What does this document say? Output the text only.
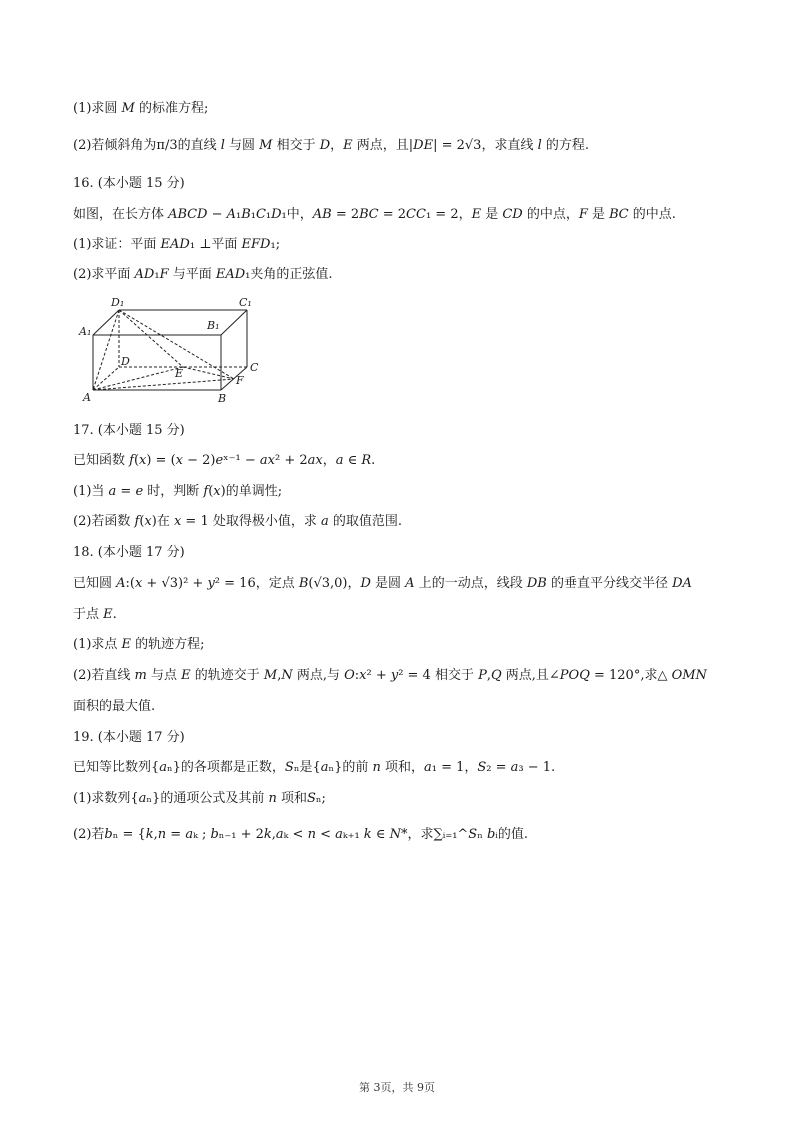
(1)求圆 𝑀 的标准方程;
(2)若倾斜角为π/3的直线 𝑙 与圆 𝑀 相交于 𝐷，𝐸 两点，且|𝐷𝐸| = 2√3，求直线 𝑙 的方程.
16. (本小题 15 分)
如图，在长方体 𝐴𝐵𝐶𝐷 − 𝐴₁𝐵₁𝐶₁𝐷₁中，𝐴𝐵 = 2𝐵𝐶 = 2𝐶𝐶₁ = 2，𝐸 是 𝐶𝐷 的中点，𝐹 是 𝐵𝐶 的中点.
(1)求证：平面 𝐸𝐴𝐷₁ ⊥平面 𝐸𝐹𝐷₁;
(2)求平面 𝐴𝐷₁𝐹 与平面 𝐸𝐴𝐷₁夹角的正弦值.
D₁	C₁
A₁	B₁
D
E	C
F
A	B
17. (本小题 15 分)
已知函数 𝑓(𝑥) = (𝑥 − 2)𝑒ˣ⁻¹ − 𝑎𝑥² + 2𝑎𝑥，𝑎 ∈ 𝑅.
(1)当 𝑎 = 𝑒 时，判断 𝑓(𝑥)的单调性;
(2)若函数 𝑓(𝑥)在 𝑥 = 1 处取得极小值，求 𝑎 的取值范围.
18. (本小题 17 分)
已知圆 𝐴:(𝑥 + √3)² + 𝑦² = 16，定点 𝐵(√3,0)，𝐷 是圆 𝐴 上的一动点，线段 𝐷𝐵 的垂直平分线交半径 𝐷𝐴
于点 𝐸.
(1)求点 𝐸 的轨迹方程;
(2)若直线 𝑚 与点 𝐸 的轨迹交于 𝑀,𝑁 两点,与 𝑂:𝑥² + 𝑦² = 4 相交于 𝑃,𝑄 两点,且∠𝑃𝑂𝑄 = 120°,求△ 𝑂𝑀𝑁
面积的最大值.
19. (本小题 17 分)
已知等比数列{𝑎ₙ}的各项都是正数，𝑆ₙ是{𝑎ₙ}的前 𝑛 项和，𝑎₁ = 1，𝑆₂ = 𝑎₃ − 1.
(1)求数列{𝑎ₙ}的通项公式及其前 𝑛 项和𝑆ₙ;
(2)若𝑏ₙ = {𝑘,𝑛 = 𝑎ₖ ; 𝑏ₙ₋₁ + 2𝑘,𝑎ₖ < 𝑛 < 𝑎ₖ₊₁ 𝑘 ∈ 𝑁*，求∑ᵢ₌₁^𝑆ₙ 𝑏ᵢ的值.
第 3页，共 9页
